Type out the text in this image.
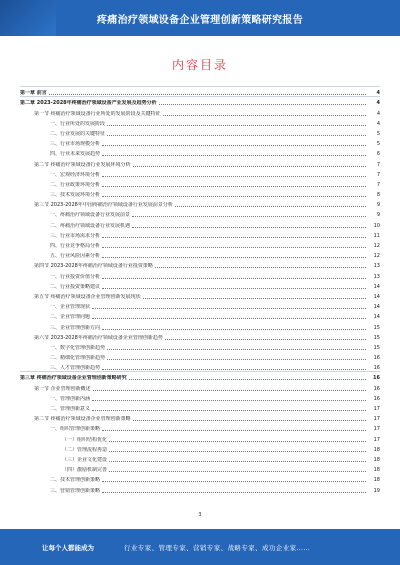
疼痛治疗领域设备企业管理创新策略研究报告
内容目录
第一章 前言	4
第二章 2023-2028年疼痛治疗领域设备产业发展及趋势分析	4
第一节 疼痛治疗领域设备行业所处的发展阶段及关键特征	4
一、行业所处的发展阶段	4
二、行业发展的关键特征	5
三、行业市场规模分析	5
四、行业未来发展趋势	6
第二节 疼痛治疗领域设备行业发展环境分析	7
一、宏观经济环境分析	7
二、行业政策环境分析	7
三、技术发展环境分析	8
第三节 2023-2028年中国疼痛治疗领域设备行业发展前景分析	9
一、疼痛治疗领域设备行业发展前景	9
二、疼痛治疗领域设备行业发展机遇	10
三、行业市场需求分析	11
四、行业竞争格局分析	12
五、行业风险因素分析	12
第四节 2023-2028年疼痛治疗领域设备行业投资策略	13
一、行业投资价值分析	13
二、行业投资策略建议	14
第五节 疼痛治疗领域设备企业管理创新发展现状	14
一、企业管理现状	14
二、企业管理问题	14
三、企业管理创新方向	15
第六节 2023-2028年疼痛治疗领域设备企业管理创新趋势	15
一、数字化管理创新趋势	15
二、精细化管理创新趋势	16
三、人才管理创新趋势	16
第三章 疼痛治疗领域设备企业管理创新策略研究	16
第一节 企业管理创新概述	16
一、管理创新内涵	16
二、管理创新意义	17
第二节 疼痛治疗领域设备企业管理创新策略	17
一、组织管理创新策略	17
（一）组织结构优化	17
（二）管理流程再造	18
（三）企业文化建设	18
（四）激励机制完善	18
二、技术管理创新策略	18
三、营销管理创新策略	19
3
让每个人都能成为	行业专家、管理专家、营销专家、战略专家、成功企业家……
